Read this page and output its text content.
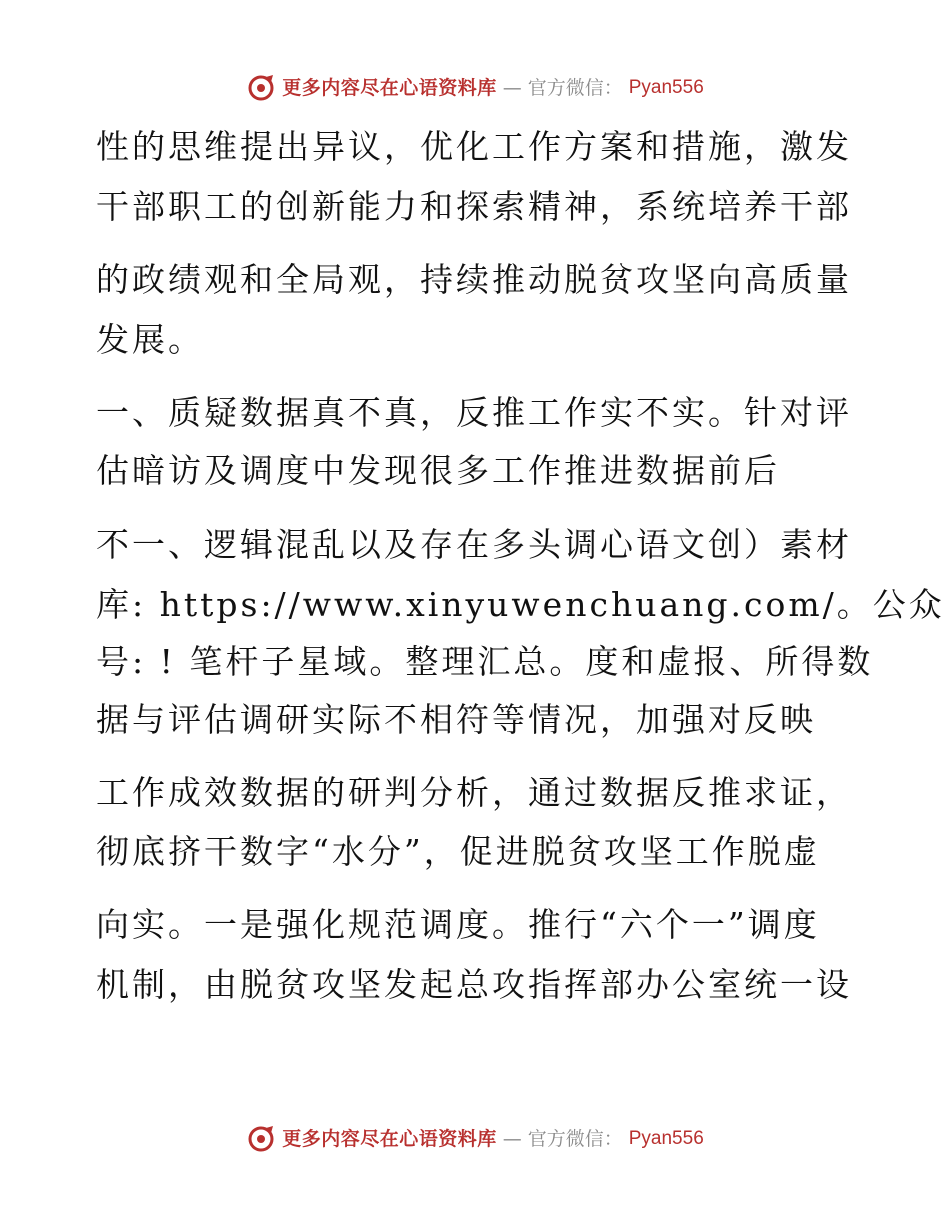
更多内容尽在心语资料库 — 官方微信： Pyan556
性的思维提出异议，优化工作方案和措施，激发
干部职工的创新能力和探索精神，系统培养干部
的政绩观和全局观，持续推动脱贫攻坚向高质量
发展。
一、质疑数据真不真，反推工作实不实。针对评
估暗访及调度中发现很多工作推进数据前后
不一、逻辑混乱以及存在多头调心语文创）素材
库: https://www.xinyuwenchuang.com/。公众
号: ! 笔杆子星域。整理汇总。度和虚报、所得数
据与评估调研实际不相符等情况，加强对反映
工作成效数据的研判分析，通过数据反推求证，
彻底挤干数字“水分”，促进脱贫攻坚工作脱虚
向实。一是强化规范调度。推行“六个一”调度
机制，由脱贫攻坚发起总攻指挥部办公室统一设
更多内容尽在心语资料库 — 官方微信： Pyan556
